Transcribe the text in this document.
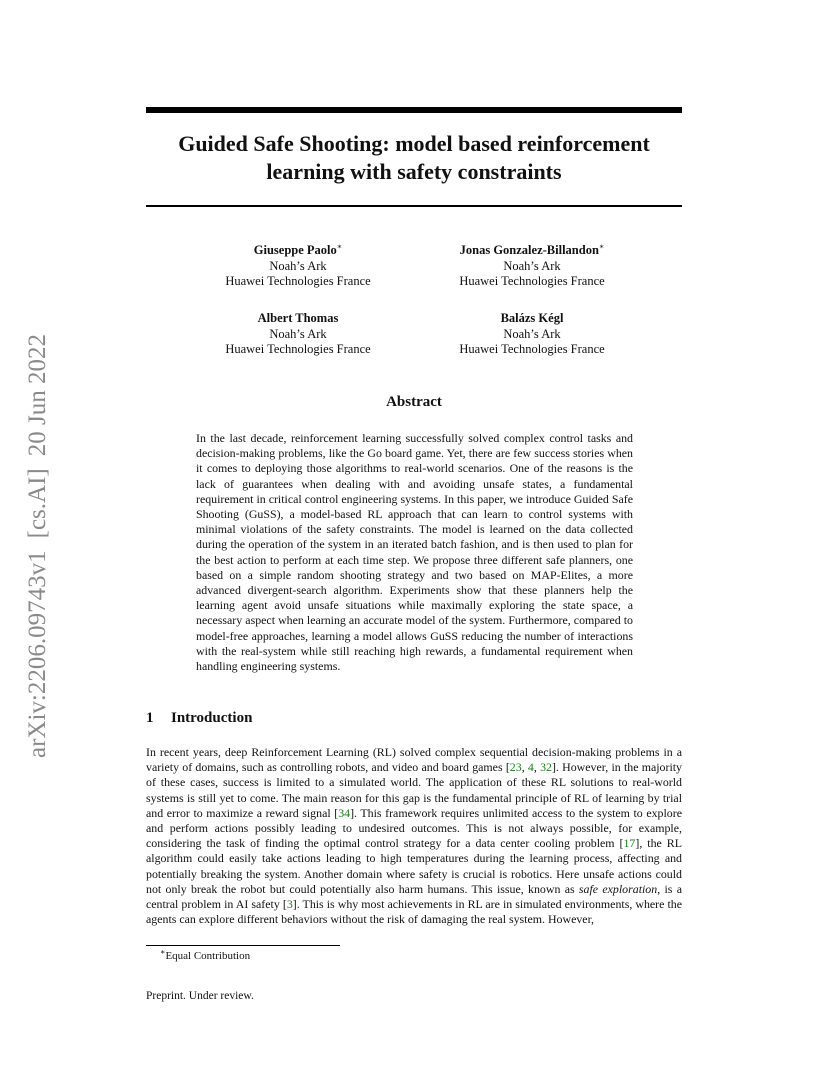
arXiv:2206.09743v1[cs.AI]20 Jun 2022
Guided Safe Shooting: model based reinforcement
learning with safety constraints
Giuseppe Paolo∗
Noah’s Ark
Huawei Technologies France
Jonas Gonzalez-Billandon∗
Noah’s Ark
Huawei Technologies France
Albert Thomas
Noah’s Ark
Huawei Technologies France
Balázs Kégl
Noah’s Ark
Huawei Technologies France
Abstract

In the last decade, reinforcement learning successfully solved complex control tasks and decision-making problems, like the Go board game. Yet, there are few success stories when it comes to deploying those algorithms to real-world scenarios. One of the reasons is the lack of guarantees when dealing with and avoiding unsafe states, a fundamental requirement in critical control engineering systems. In this paper, we introduce Guided Safe Shooting (GuSS), a model-based RL approach that can learn to control systems with minimal violations of the safety constraints. The model is learned on the data collected during the operation of the system in an iterated batch fashion, and is then used to plan for the best action to perform at each time step. We propose three different safe planners, one based on a simple random shooting strategy and two based on MAP-Elites, a more advanced divergent-search algorithm. Experiments show that these planners help the learning agent avoid unsafe situations while maximally exploring the state space, a necessary aspect when learning an accurate model of the system. Furthermore, compared to model-free approaches, learning a model allows GuSS reducing the number of interactions with the real-system while still reaching high rewards, a fundamental requirement when handling engineering systems.

1 Introduction

In recent years, deep Reinforcement Learning (RL) solved complex sequential decision-making problems in a variety of domains, such as controlling robots, and video and board games [23, 4, 32]. However, in the majority of these cases, success is limited to a simulated world. The application of these RL solutions to real-world systems is still yet to come. The main reason for this gap is the fundamental principle of RL of learning by trial and error to maximize a reward signal [34]. This framework requires unlimited access to the system to explore and perform actions possibly leading to undesired outcomes. This is not always possible, for example, considering the task of finding the optimal control strategy for a data center cooling problem [17], the RL algorithm could easily take actions leading to high temperatures during the learning process, affecting and potentially breaking the system. Another domain where safety is crucial is robotics. Here unsafe actions could not only break the robot but could potentially also harm humans. This issue, known as safe exploration, is a central problem in AI safety [3]. This is why most achievements in RL are in simulated environments, where the agents can explore different behaviors without the risk of damaging the real system. However,

∗Equal Contribution

Preprint. Under review.
